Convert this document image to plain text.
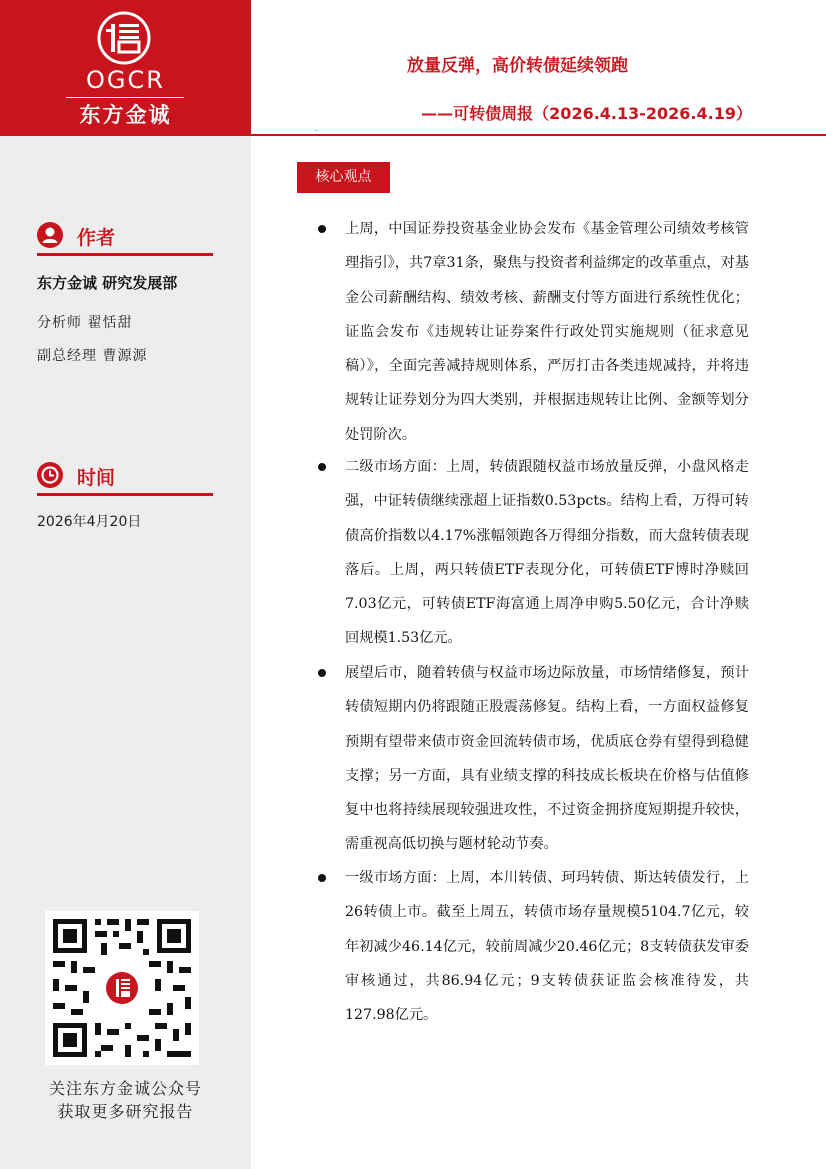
OGCR
东方金诚
作者
东方金诚 研究发展部
分析师 翟恬甜
副总经理 曹源源
时间
2026年4月20日
关注东方金诚公众号
获取更多研究报告
放量反弹，高价转债延续领跑
——可转债周报（2026.4.13-2026.4.19）
..
核心观点
上周，中国证券投资基金业协会发布《基金管理公司绩效考核管理指引》，共7章31条，聚焦与投资者利益绑定的改革重点，对基金公司薪酬结构、绩效考核、薪酬支付等方面进行系统性优化；证监会发布《违规转让证券案件行政处罚实施规则（征求意见稿）》，全面完善减持规则体系，严厉打击各类违规减持，并将违规转让证券划分为四大类别，并根据违规转让比例、金额等划分处罚阶次。
二级市场方面：上周，转债跟随权益市场放量反弹，小盘风格走强，中证转债继续涨超上证指数0.53pcts。结构上看，万得可转债高价指数以4.17%涨幅领跑各万得细分指数，而大盘转债表现落后。上周，两只转债ETF表现分化，可转债ETF博时净赎回7.03亿元，可转债ETF海富通上周净申购5.50亿元，合计净赎回规模1.53亿元。
展望后市，随着转债与权益市场边际放量，市场情绪修复，预计转债短期内仍将跟随正股震荡修复。结构上看，一方面权益修复预期有望带来债市资金回流转债市场，优质底仓券有望得到稳健支撑；另一方面，具有业绩支撑的科技成长板块在价格与估值修复中也将持续展现较强进攻性，不过资金拥挤度短期提升较快，需重视高低切换与题材轮动节奏。
一级市场方面：上周，本川转债、珂玛转债、斯达转债发行，上26转债上市。截至上周五，转债市场存量规模5104.7亿元，较年初减少46.14亿元，较前周减少20.46亿元；8支转债获发审委审核通过，共86.94亿元；9支转债获证监会核准待发，共127.98亿元。
